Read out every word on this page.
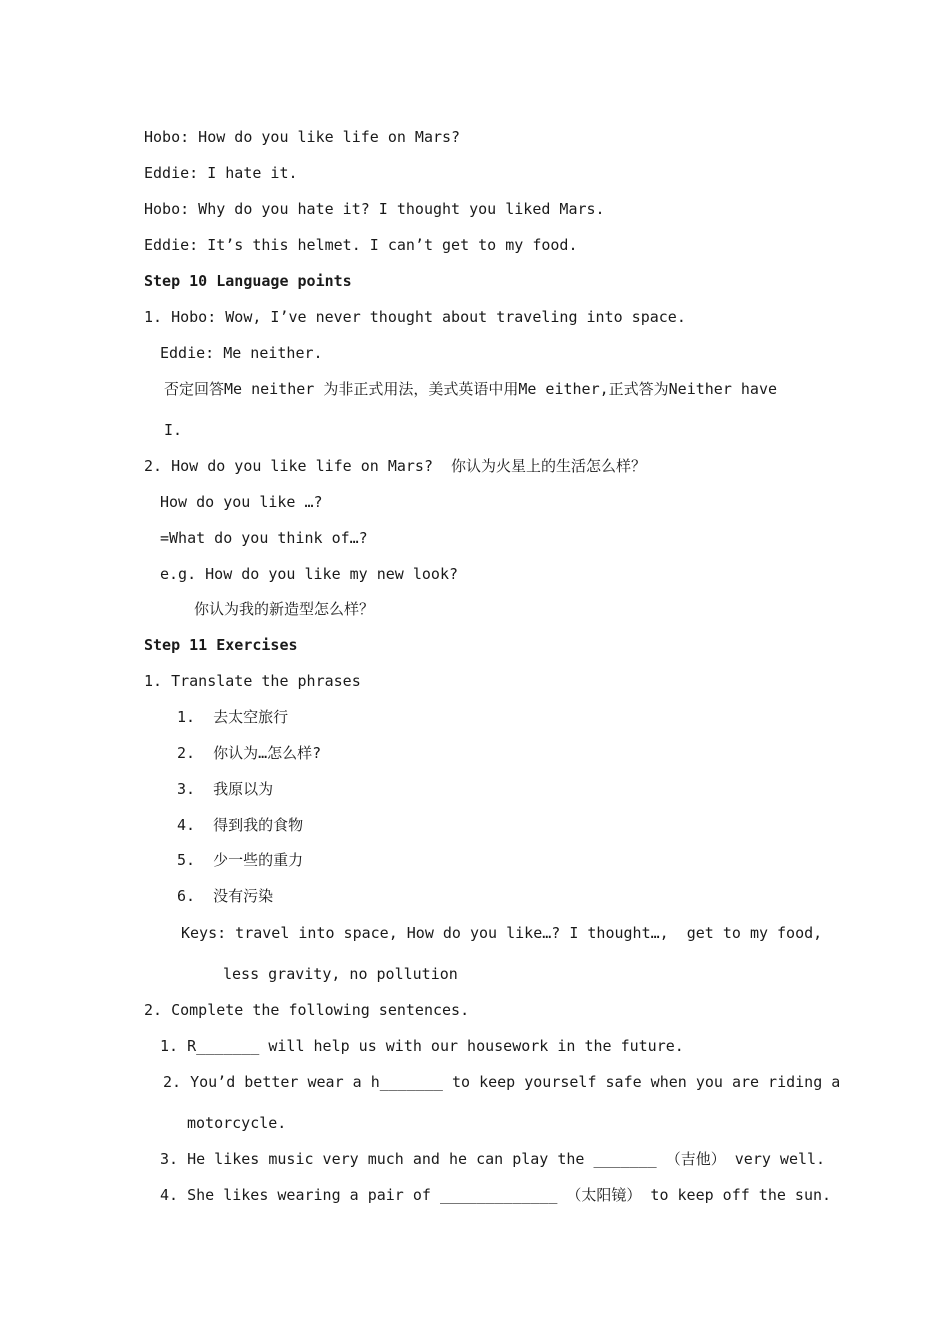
Hobo: How do you like life on Mars?
Eddie: I hate it.
Hobo: Why do you hate it? I thought you liked Mars.
Eddie: It’s this helmet. I can’t get to my food.
Step 10 Language points
1. Hobo: Wow, I’ve never thought about traveling into space.
Eddie: Me neither.
否定回答Me neither 为非正式用法，美式英语中用Me either,正式答为Neither have
I.
2. How do you like life on Mars?  你认为火星上的生活怎么样？
How do you like …?
=What do you think of…?
e.g. How do you like my new look?
你认为我的新造型怎么样？
Step 11 Exercises
1. Translate the phrases
1.  去太空旅行
2.  你认为…怎么样?
3.  我原以为
4.  得到我的食物
5.  少一些的重力
6.  没有污染
Keys: travel into space, How do you like…? I thought…,  get to my food,
less gravity, no pollution
2. Complete the following sentences.
1. R_______ will help us with our housework in the future.
2. You’d better wear a h_______ to keep yourself safe when you are riding a
motorcycle.
3. He likes music very much and he can play the _______ （吉他） very well.
4. She likes wearing a pair of _____________ （太阳镜） to keep off the sun.
